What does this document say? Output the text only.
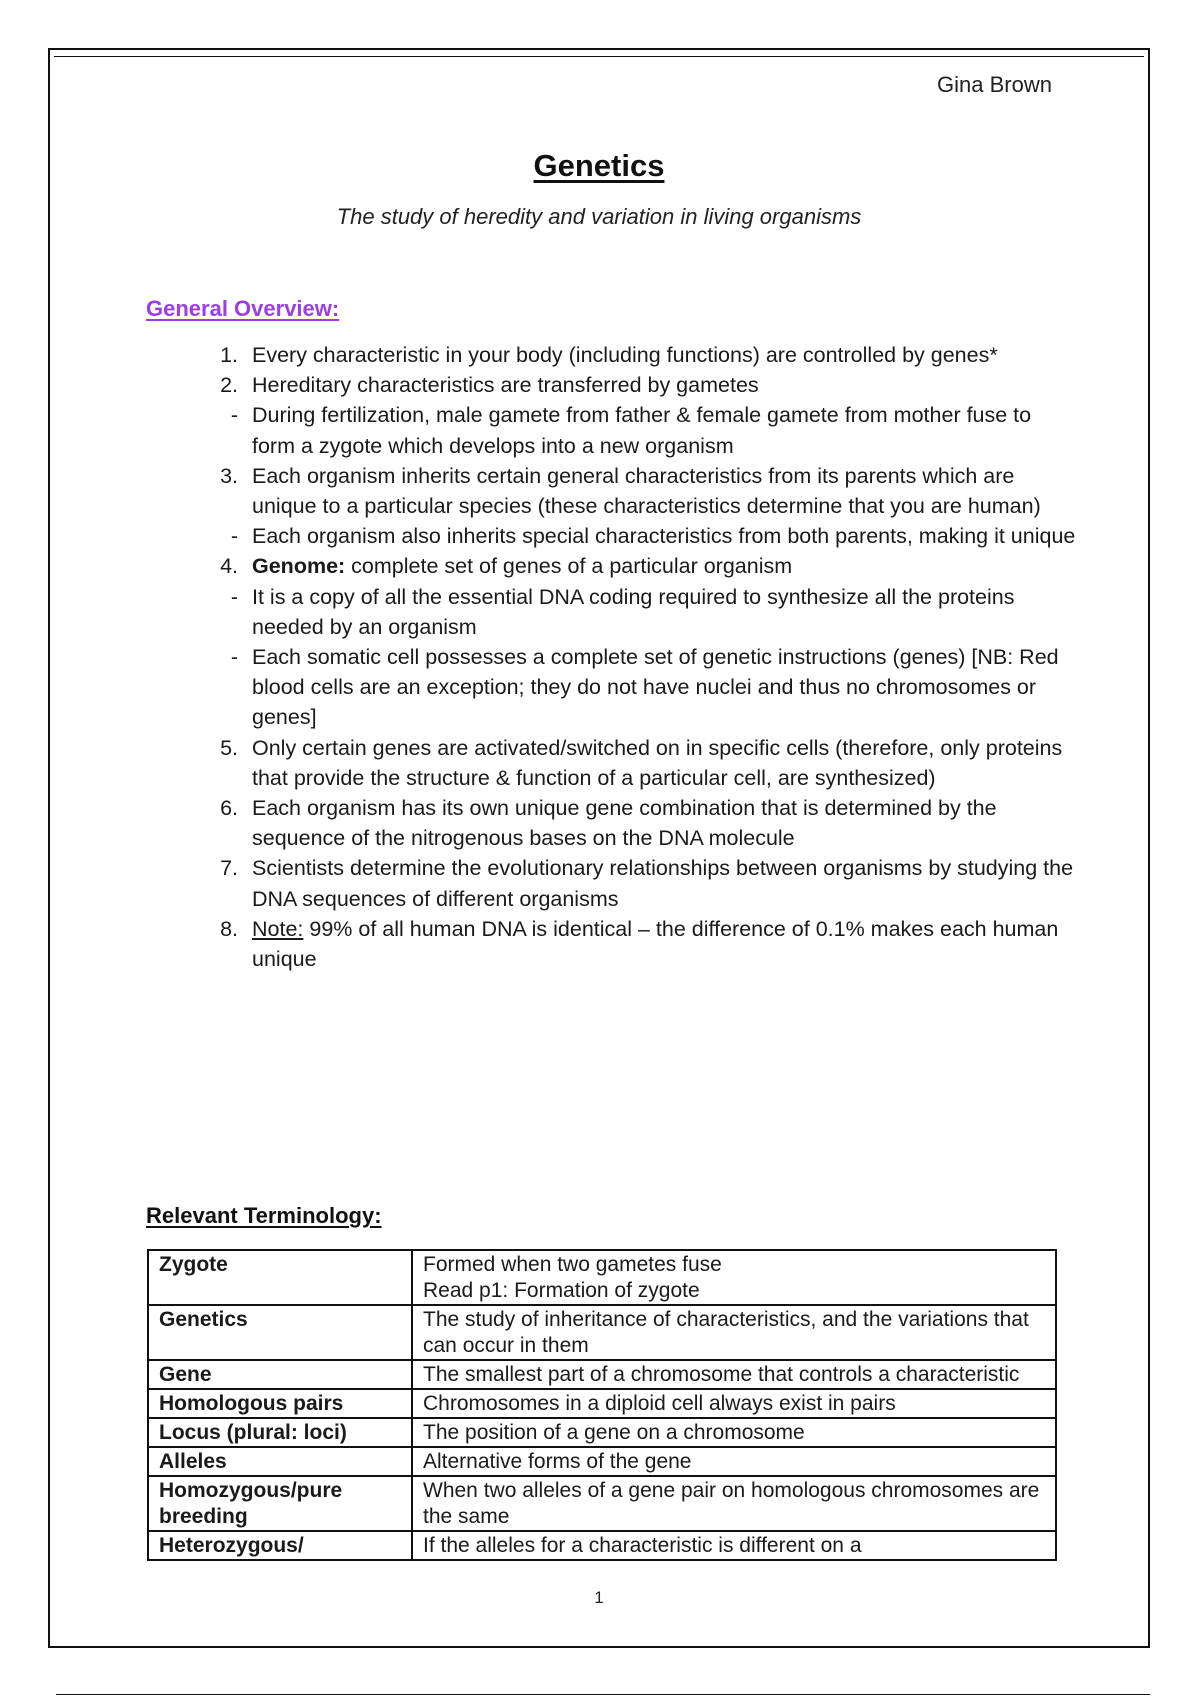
Gina Brown
Genetics
The study of heredity and variation in living organisms
General Overview:
1. Every characteristic in your body (including functions) are controlled by genes*
2. Hereditary characteristics are transferred by gametes
- During fertilization, male gamete from father & female gamete from mother fuse to form a zygote which develops into a new organism
3. Each organism inherits certain general characteristics from its parents which are unique to a particular species (these characteristics determine that you are human)
- Each organism also inherits special characteristics from both parents, making it unique
4. Genome: complete set of genes of a particular organism
- It is a copy of all the essential DNA coding required to synthesize all the proteins needed by an organism
- Each somatic cell possesses a complete set of genetic instructions (genes) [NB: Red blood cells are an exception; they do not have nuclei and thus no chromosomes or genes]
5. Only certain genes are activated/switched on in specific cells (therefore, only proteins that provide the structure & function of a particular cell, are synthesized)
6. Each organism has its own unique gene combination that is determined by the sequence of the nitrogenous bases on the DNA molecule
7. Scientists determine the evolutionary relationships between organisms by studying the DNA sequences of different organisms
8. Note: 99% of all human DNA is identical – the difference of 0.1% makes each human unique
Relevant Terminology:
Zygote	Formed when two gametes fuse
Read p1: Formation of zygote
Genetics	The study of inheritance of characteristics, and the variations that can occur in them
Gene	The smallest part of a chromosome that controls a characteristic
Homologous pairs	Chromosomes in a diploid cell always exist in pairs
Locus (plural: loci)	The position of a gene on a chromosome
Alleles	Alternative forms of the gene
Homozygous/pure breeding	When two alleles of a gene pair on homologous chromosomes are the same
Heterozygous/	If the alleles for a characteristic is different on a
1
